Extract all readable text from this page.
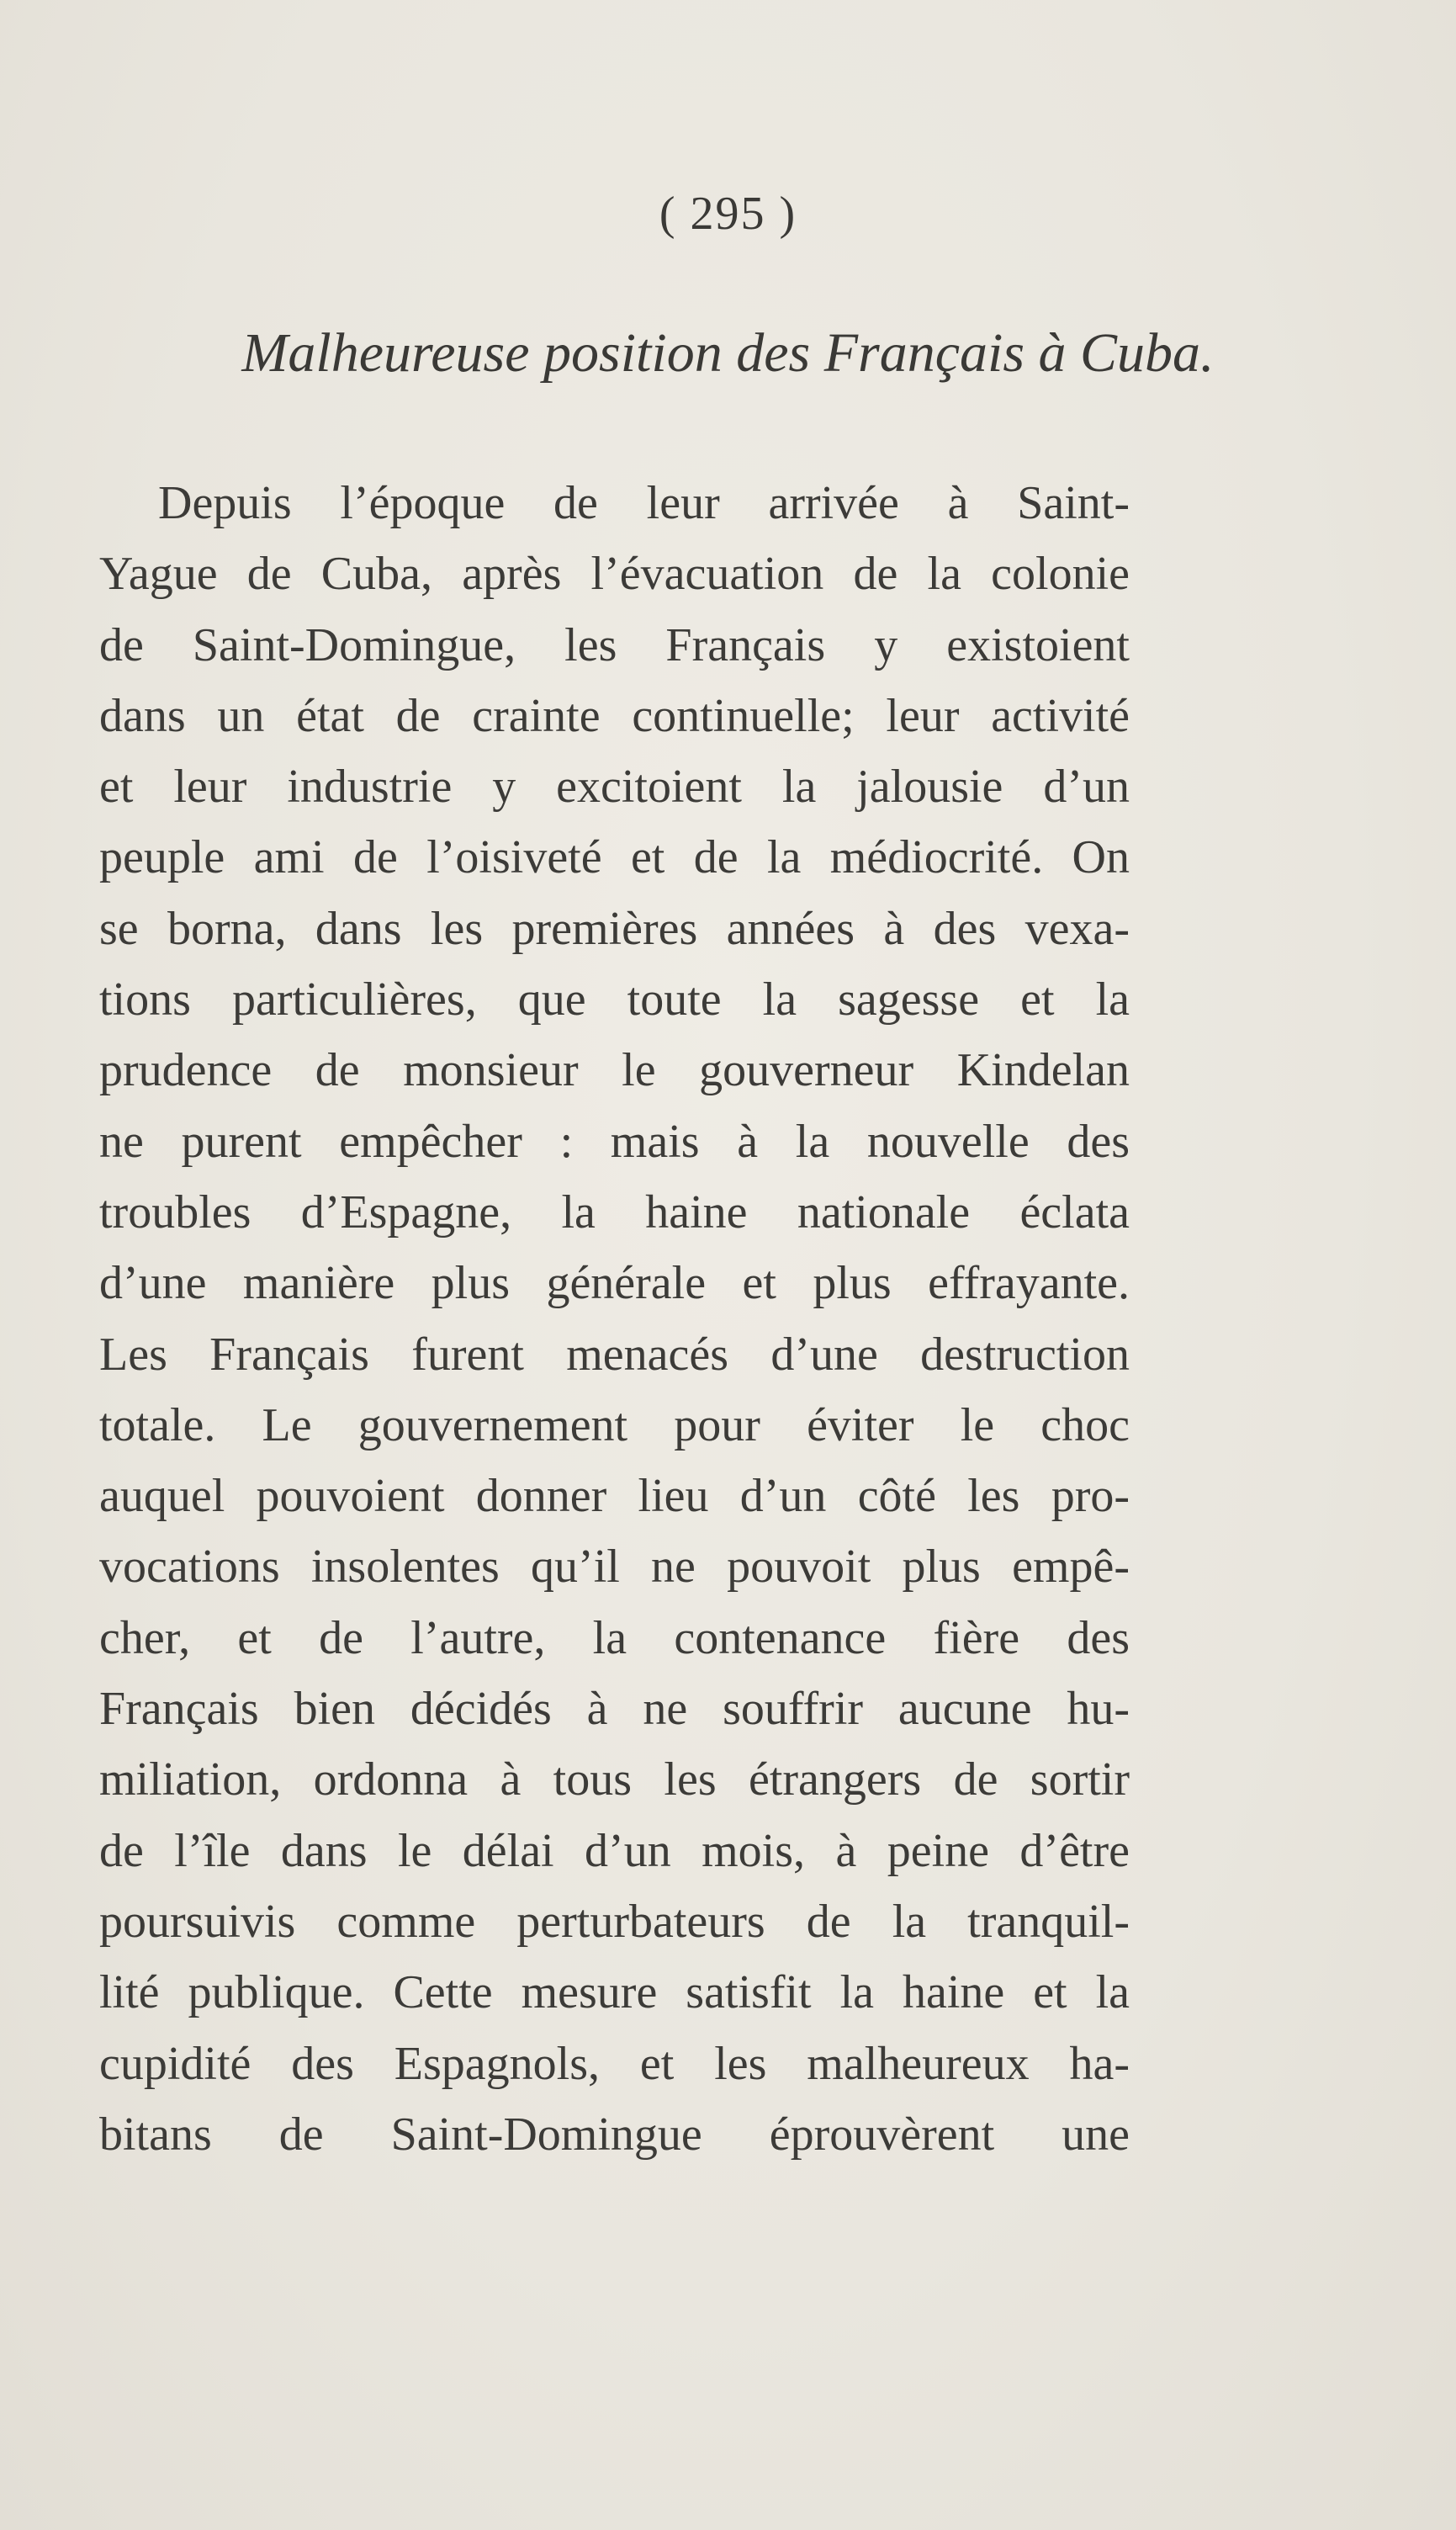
( 295 )
Malheureuse position des Français à Cuba.
Depuis l’époque de leur arrivée à Saint-
Yague de Cuba, après l’évacuation de la colonie
de Saint-Domingue, les Français y existoient
dans un état de crainte continuelle; leur activité
et leur industrie y excitoient la jalousie d’un
peuple ami de l’oisiveté et de la médiocrité. On
se borna, dans les premières années à des vexa-
tions particulières, que toute la sagesse et la
prudence de monsieur le gouverneur Kindelan
ne purent empêcher : mais à la nouvelle des
troubles d’Espagne, la haine nationale éclata
d’une manière plus générale et plus effrayante.
Les Français furent menacés d’une destruction
totale. Le gouvernement pour éviter le choc
auquel pouvoient donner lieu d’un côté les pro-
vocations insolentes qu’il ne pouvoit plus empê-
cher, et de l’autre, la contenance fière des
Français bien décidés à ne souffrir aucune hu-
miliation, ordonna à tous les étrangers de sortir
de l’île dans le délai d’un mois, à peine d’être
poursuivis comme perturbateurs de la tranquil-
lité publique. Cette mesure satisfit la haine et la
cupidité des Espagnols, et les malheureux ha-
bitans de Saint-Domingue éprouvèrent une
